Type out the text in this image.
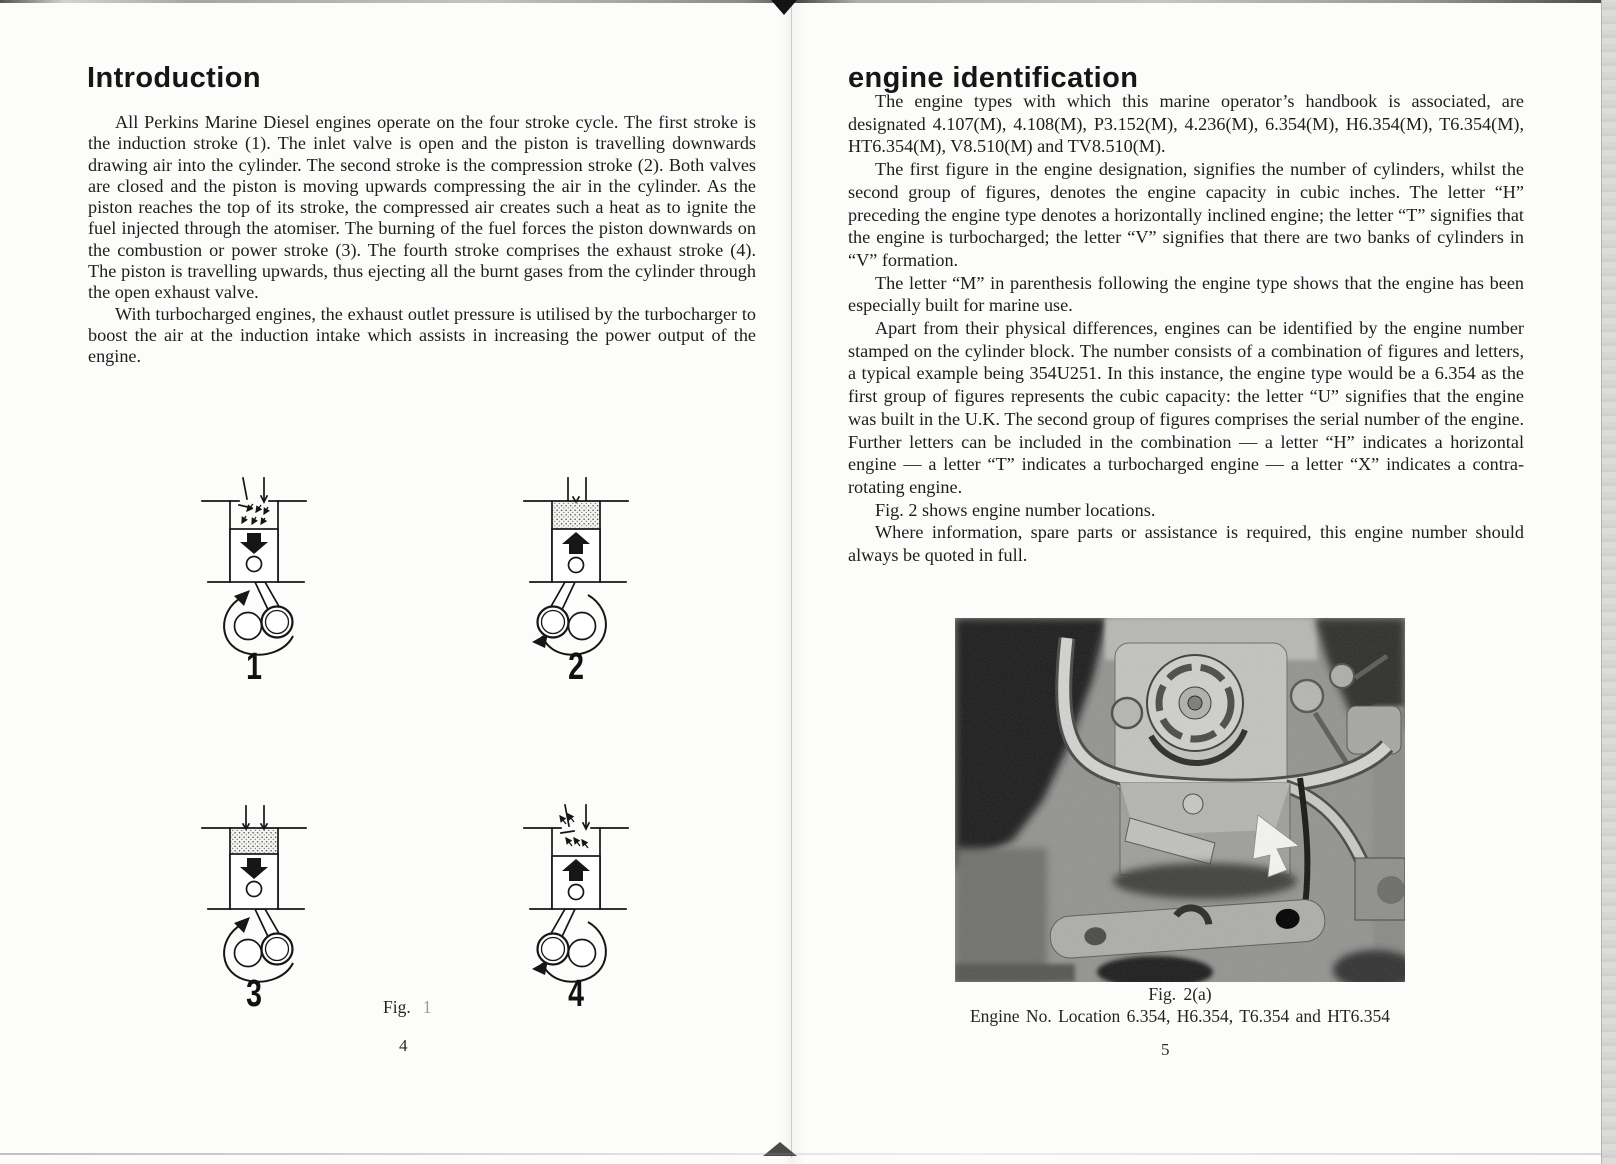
Introduction

All Perkins Marine Diesel engines operate on the four stroke cycle. The first stroke is the induction stroke (1). The inlet valve is open and the piston is travelling downwards drawing air into the cylinder. The second stroke is the compression stroke (2). Both valves are closed and the piston is moving upwards compressing the air in the cylinder. As the piston reaches the top of its stroke, the compressed air creates such a heat as to ignite the fuel injected through the atomiser. The burning of the fuel forces the piston downwards on the combustion or power stroke (3). The fourth stroke comprises the exhaust stroke (4). The piston is travelling upwards, thus ejecting all the burnt gases from the cylinder through the open exhaust valve.

With turbocharged engines, the exhaust outlet pressure is utilised by the turbocharger to boost the air at the induction intake which assists in increasing the power output of the engine.

1	2
3	4
Fig. 1
4
engine identification

The engine types with which this marine operator’s handbook is associated, are designated 4.107(M), 4.108(M), P3.152(M), 4.236(M), 6.354(M), H6.354(M), T6.354(M), HT6.354(M), V8.510(M) and TV8.510(M).

The first figure in the engine designation, signifies the number of cylinders, whilst the second group of figures, denotes the engine capacity in cubic inches. The letter “H” preceding the engine type denotes a horizontally inclined engine; the letter “T” signifies that the engine is turbocharged; the letter “V” signifies that there are two banks of cylinders in “V” formation.

The letter “M” in parenthesis following the engine type shows that the engine has been especially built for marine use.

Apart from their physical differences, engines can be identified by the engine number stamped on the cylinder block. The number consists of a combination of figures and letters, a typical example being 354U251. In this instance, the engine type would be a 6.354 as the first group of figures represents the cubic capacity: the letter “U” signifies that the engine was built in the U.K. The second group of figures comprises the serial number of the engine. Further letters can be included in the combination — a letter “H” indicates a horizontal engine — a letter “T” indicates a turbocharged engine — a letter “X” indicates a contra-rotating engine.

Fig. 2 shows engine number locations.

Where information, spare parts or assistance is required, this engine number should always be quoted in full.

Fig. 2(a)
Engine No. Location 6.354, H6.354, T6.354 and HT6.354
5
